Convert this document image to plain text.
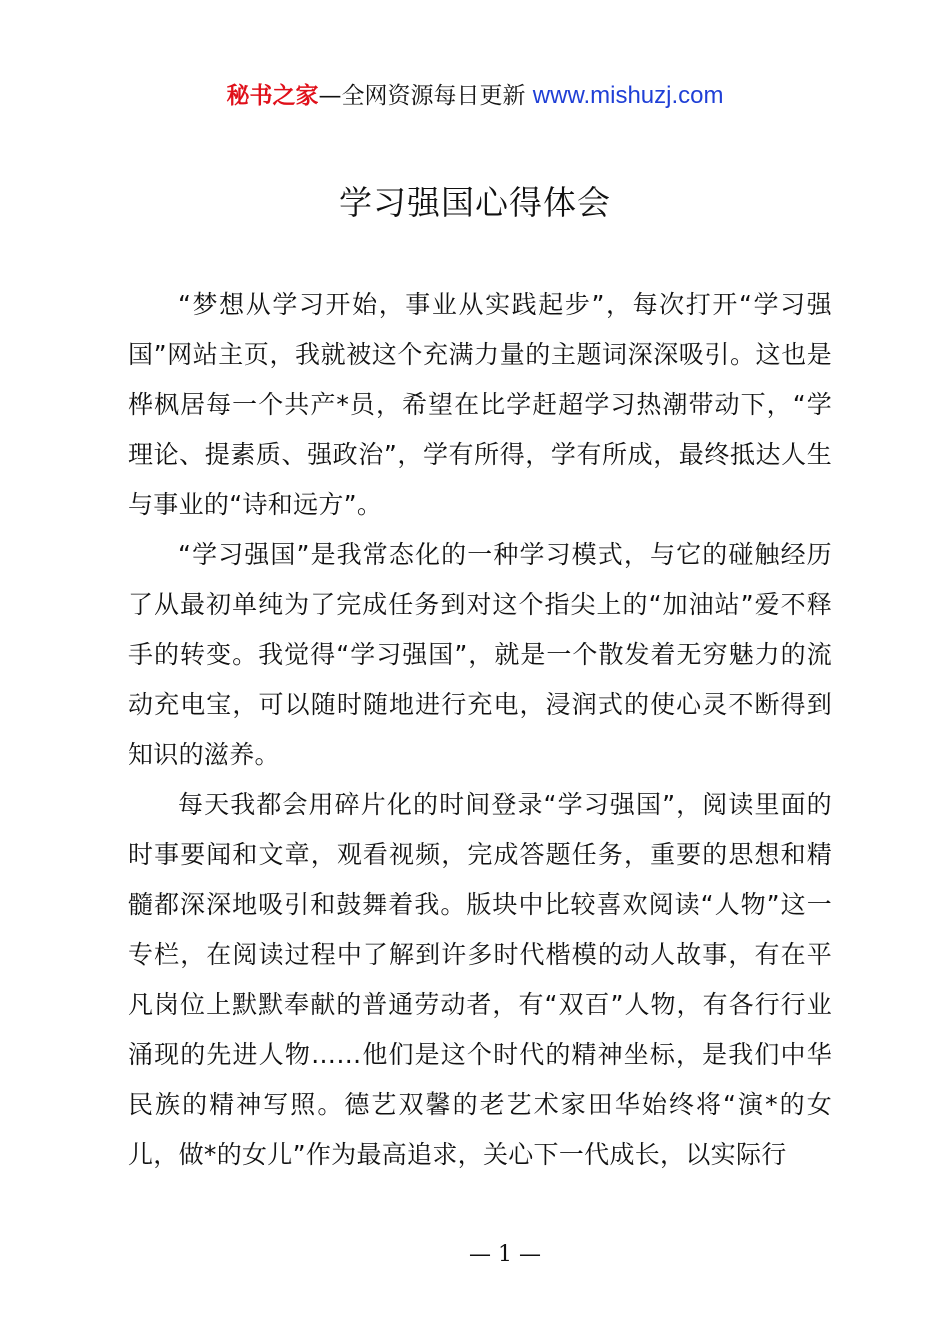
秘书之家—全网资源每日更新 www.mishuzj.com
学习强国心得体会

“梦想从学习开始，事业从实践起步”，每次打开“学习强国”网站主页，我就被这个充满力量的主题词深深吸引。这也是桦枫居每一个共产*员，希望在比学赶超学习热潮带动下，“学理论、提素质、强政治”，学有所得，学有所成，最终抵达人生与事业的“诗和远方”。

“学习强国”是我常态化的一种学习模式，与它的碰触经历了从最初单纯为了完成任务到对这个指尖上的“加油站”爱不释手的转变。我觉得“学习强国”，就是一个散发着无穷魅力的流动充电宝，可以随时随地进行充电，浸润式的使心灵不断得到知识的滋养。

每天我都会用碎片化的时间登录“学习强国”，阅读里面的时事要闻和文章，观看视频，完成答题任务，重要的思想和精髓都深深地吸引和鼓舞着我。版块中比较喜欢阅读“人物”这一专栏，在阅读过程中了解到许多时代楷模的动人故事，有在平凡岗位上默默奉献的普通劳动者，有“双百”人物，有各行行业涌现的先进人物……他们是这个时代的精神坐标，是我们中华民族的精神写照。德艺双馨的老艺术家田华始终将“演*的女儿，做*的女儿”作为最高追求，关心下一代成长，以实际行

— 1 —
